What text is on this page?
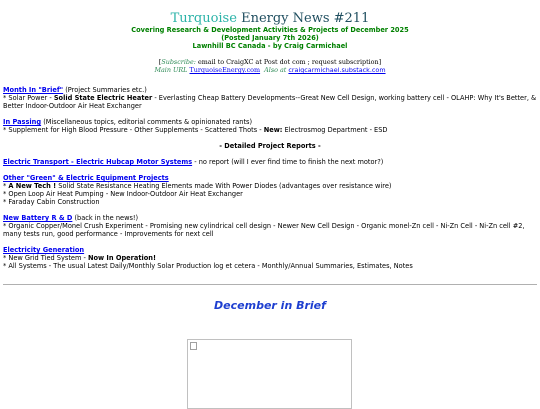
Turquoise Energy News #211
Covering Research & Development Activities & Projects of December 2025
(Posted January 7th 2026)
Lawnhill BC Canada - by Craig Carmichael
[Subscribe: email to CraigXC at Post dot com ; request subscription]
Main URL TurquoiseEnergy.com Also at craigcarmichael.substack.com
Month In "Brief" (Project Summaries etc.)
* Solar Power - Solid State Electric Heater - Everlasting Cheap Battery Developments--Great New Cell Design, working battery cell - OLAHP: Why It's Better, & Better Indoor-Outdoor Air Heat Exchanger
In Passing (Miscellaneous topics, editorial comments & opinionated rants)
* Supplement for High Blood Pressure - Other Supplements - Scattered Thots - New: Electrosmog Department - ESD
- Detailed Project Reports -
Electric Transport - Electric Hubcap Motor Systems - no report (will I ever find time to finish the next motor?)
Other "Green" & Electric Equipment Projects
* A New Tech ! Solid State Resistance Heating Elements made With Power Diodes (advantages over resistance wire)
* Open Loop Air Heat Pumping - New Indoor-Outdoor Air Heat Exchanger
* Faraday Cabin Construction
New Battery R & D (back in the news!)
* Organic Copper/Monel Crush Experiment - Promising new cylindrical cell design - Newer New Cell Design - Organic monel-Zn cell - Ni-Zn Cell - Ni-Zn cell #2, many tests run, good performance - Improvements for next cell
Electricity Generation
* New Grid Tied System - Now In Operation!
* All Systems - The usual Latest Daily/Monthly Solar Production log et cetera - Monthly/Annual Summaries, Estimates, Notes
December in Brief
